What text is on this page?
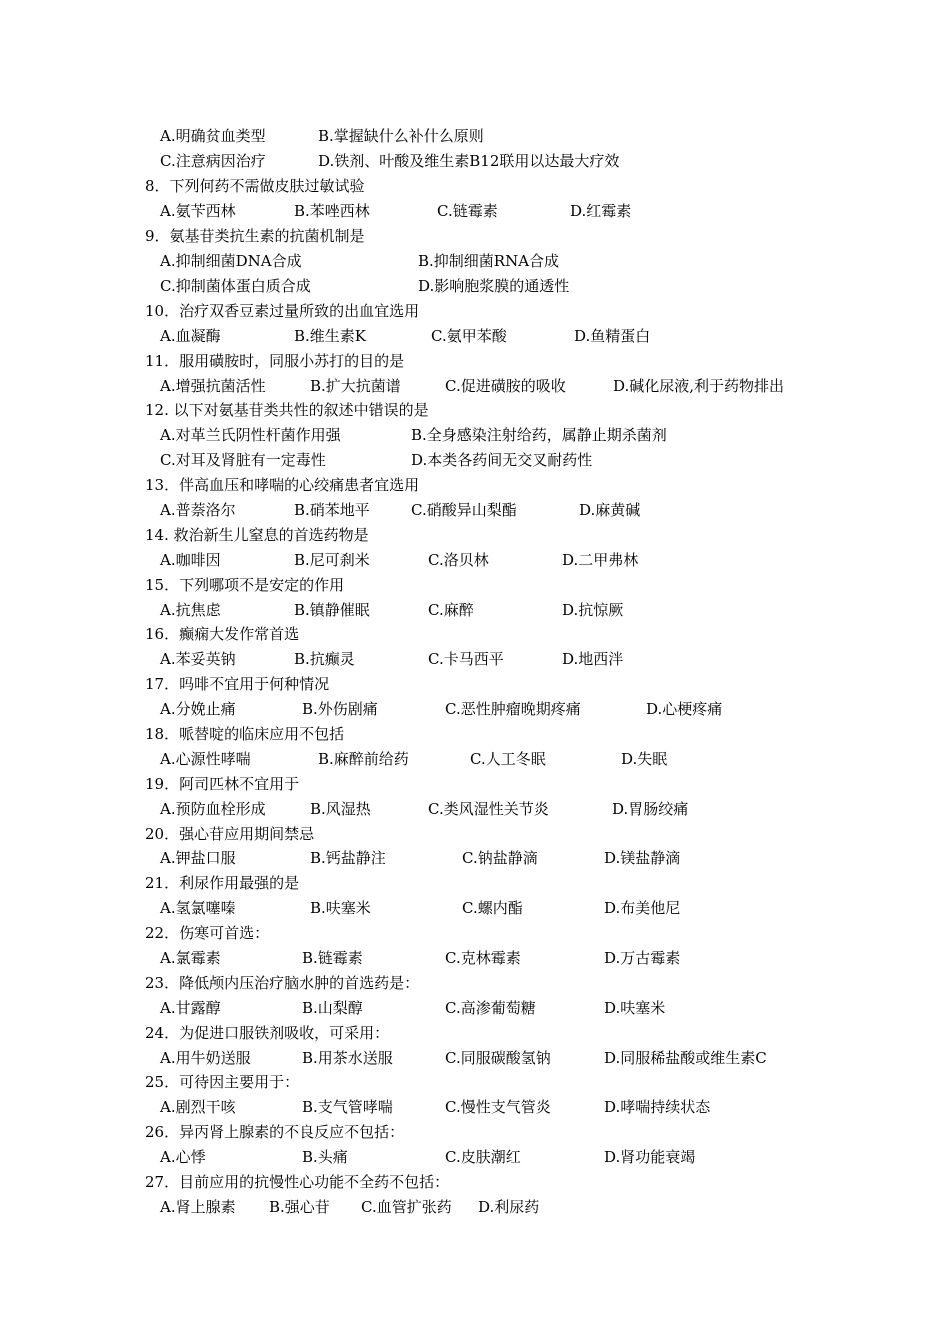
A.明确贫血类型	B.掌握缺什么补什么原则
C.注意病因治疗	D.铁剂、叶酸及维生素B12联用以达最大疗效
8．下列何药不需做皮肤过敏试验
A.氨苄西林	B.苯唑西林	C.链霉素	D.红霉素
9．氨基苷类抗生素的抗菌机制是
A.抑制细菌DNA合成	B.抑制细菌RNA合成
C.抑制菌体蛋白质合成	D.影响胞浆膜的通透性
10．治疗双香豆素过量所致的出血宜选用
A.血凝酶	B.维生素K	C.氨甲苯酸	D.鱼精蛋白
11．服用磺胺时，同服小苏打的目的是
A.增强抗菌活性	B.扩大抗菌谱	C.促进磺胺的吸收	D.碱化尿液,利于药物排出
12. 以下对氨基苷类共性的叙述中错误的是
A.对革兰氏阴性杆菌作用强	B.全身感染注射给药，属静止期杀菌剂
C.对耳及肾脏有一定毒性	D.本类各药间无交叉耐药性
13．伴高血压和哮喘的心绞痛患者宜选用
A.普萘洛尔	B.硝苯地平	C.硝酸异山梨酯	D.麻黄碱
14. 救治新生儿窒息的首选药物是
A.咖啡因	B.尼可刹米	C.洛贝林	D.二甲弗林
15．下列哪项不是安定的作用
A.抗焦虑	B.镇静催眠	C.麻醉	D.抗惊厥
16．癫痫大发作常首选
A.苯妥英钠	B.抗癫灵	C.卡马西平	D.地西泮
17．吗啡不宜用于何种情况
A.分娩止痛	B.外伤剧痛	C.恶性肿瘤晚期疼痛	D.心梗疼痛
18．哌替啶的临床应用不包括
A.心源性哮喘	B.麻醉前给药	C.人工冬眠	D.失眠
19．阿司匹林不宜用于
A.预防血栓形成	B.风湿热	C.类风湿性关节炎	D.胃肠绞痛
20．强心苷应用期间禁忌
A.钾盐口服	B.钙盐静注	C.钠盐静滴	D.镁盐静滴
21．利尿作用最强的是
A.氢氯噻嗪	B.呋塞米	C.螺内酯	D.布美他尼
22．伤寒可首选：
A.氯霉素	B.链霉素	C.克林霉素	D.万古霉素
23．降低颅内压治疗脑水肿的首选药是：
A.甘露醇	B.山梨醇	C.高渗葡萄糖	D.呋塞米
24．为促进口服铁剂吸收，可采用：
A.用牛奶送服	B.用茶水送服	C.同服碳酸氢钠	D.同服稀盐酸或维生素C
25．可待因主要用于：
A.剧烈干咳	B.支气管哮喘	C.慢性支气管炎	D.哮喘持续状态
26．异丙肾上腺素的不良反应不包括：
A.心悸	B.头痛	C.皮肤潮红	D.肾功能衰竭
27．目前应用的抗慢性心功能不全药不包括：
A.肾上腺素 B.强心苷 C.血管扩张药 D.利尿药
